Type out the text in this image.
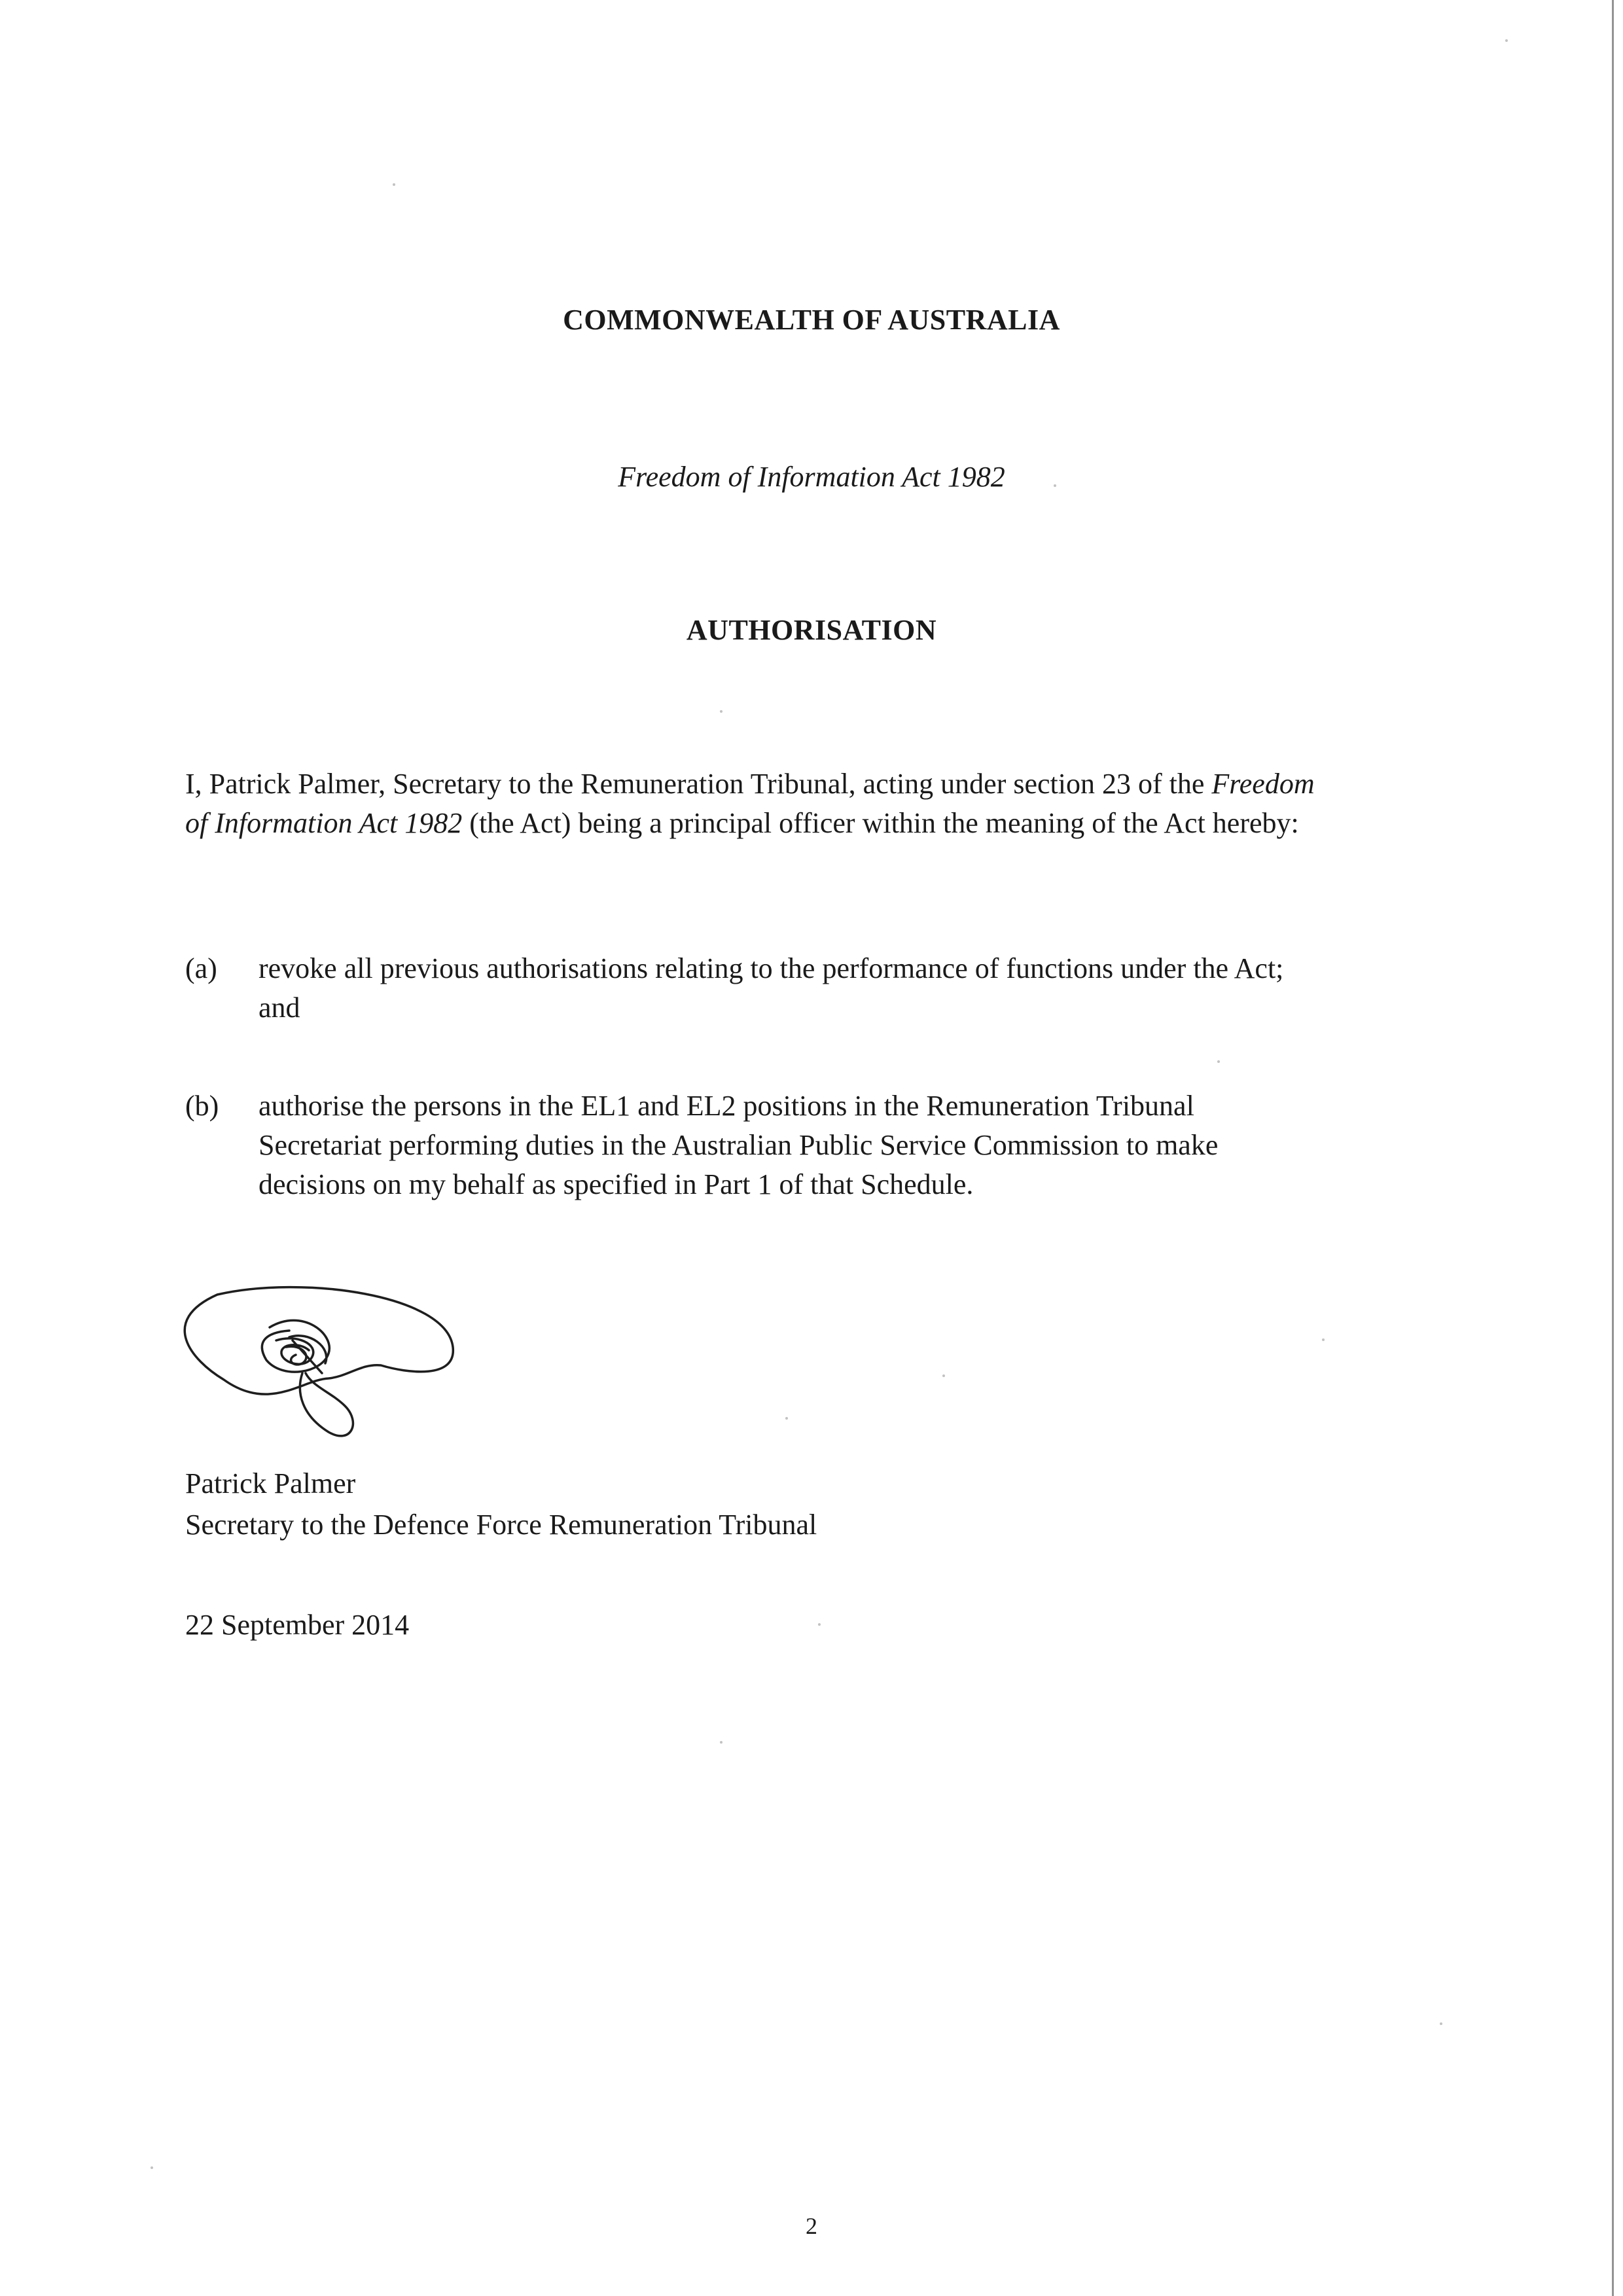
COMMONWEALTH OF AUSTRALIA

Freedom of Information Act 1982

AUTHORISATION

I, Patrick Palmer, Secretary to the Remuneration Tribunal, acting under section 23 of the Freedom of Information Act 1982 (the Act) being a principal officer within the meaning of the Act hereby:

(a) revoke all previous authorisations relating to the performance of functions under the Act; and
(b) authorise the persons in the EL1 and EL2 positions in the Remuneration Tribunal Secretariat performing duties in the Australian Public Service Commission to make decisions on my behalf as specified in Part 1 of that Schedule.

Patrick Palmer

Secretary to the Defence Force Remuneration Tribunal

22 September 2014

2
